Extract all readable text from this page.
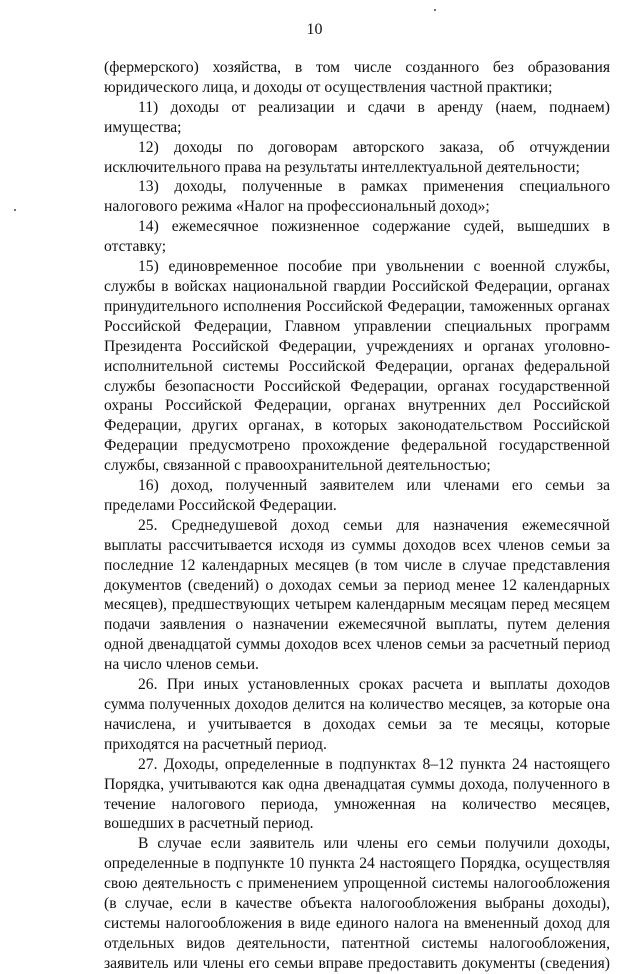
10

(фермерского) хозяйства, в том числе созданного без образования юридического лица, и доходы от осуществления частной практики;

11) доходы от реализации и сдачи в аренду (наем, поднаем) имущества;

12) доходы по договорам авторского заказа, об отчуждении исключительного права на результаты интеллектуальной деятельности;

13) доходы, полученные в рамках применения специального налогового режима «Налог на профессиональный доход»;

14) ежемесячное пожизненное содержание судей, вышедших в отставку;

15) единовременное пособие при увольнении с военной службы, службы в войсках национальной гвардии Российской Федерации, органах принудительного исполнения Российской Федерации, таможенных органах Российской Федерации, Главном управлении специальных программ Президента Российской Федерации, учреждениях и органах уголовно-исполнительной системы Российской Федерации, органах федеральной службы безопасности Российской Федерации, органах государственной охраны Российской Федерации, органах внутренних дел Российской Федерации, других органах, в которых законодательством Российской Федерации предусмотрено прохождение федеральной государственной службы, связанной с правоохранительной деятельностью;

16) доход, полученный заявителем или членами его семьи за пределами Российской Федерации.

25. Среднедушевой доход семьи для назначения ежемесячной выплаты рассчитывается исходя из суммы доходов всех членов семьи за последние 12 календарных месяцев (в том числе в случае представления документов (сведений) о доходах семьи за период менее 12 календарных месяцев), предшествующих четырем календарным месяцам перед месяцем подачи заявления о назначении ежемесячной выплаты, путем деления одной двенадцатой суммы доходов всех членов семьи за расчетный период на число членов семьи.

26. При иных установленных сроках расчета и выплаты доходов сумма полученных доходов делится на количество месяцев, за которые она начислена, и учитывается в доходах семьи за те месяцы, которые приходятся на расчетный период.

27. Доходы, определенные в подпунктах 8–12 пункта 24 настоящего Порядка, учитываются как одна двенадцатая суммы дохода, полученного в течение налогового периода, умноженная на количество месяцев, вошедших в расчетный период.

В случае если заявитель или члены его семьи получили доходы, определенные в подпункте 10 пункта 24 настоящего Порядка, осуществляя свою деятельность с применением упрощенной системы налогообложения (в случае, если в качестве объекта налогообложения выбраны доходы), системы налогообложения в виде единого налога на вмененный доход для отдельных видов деятельности, патентной системы налогообложения, заявитель или члены его семьи вправе предоставить документы (сведения)
